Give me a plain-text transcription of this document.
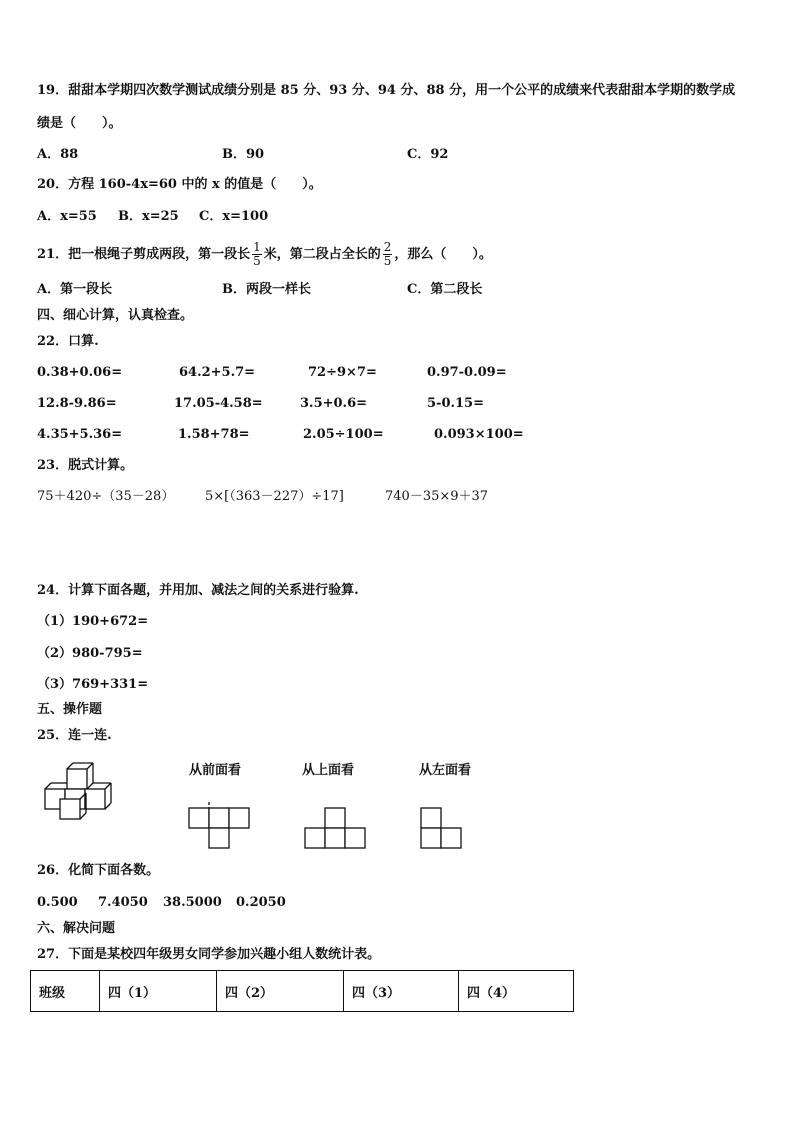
19．甜甜本学期四次数学测试成绩分别是 85 分、93 分、94 分、88 分，用一个公平的成绩来代表甜甜本学期的数学成
绩是（　　）。
A．88	B．90	C．92
20．方程 160-4x=60 中的 x 的值是（　　）。
A．x=55 B．x=25 C．x=100
21．把一根绳子剪成两段，第一段长 $\frac{1}{5}$ 米，第二段占全长的 $\frac{2}{5}$ ，那么（　　）。
A．第一段长	B．两段一样长	C．第二段长
四、细心计算，认真检查。
22．口算.
0.38+0.06=	64.2+5.7=	72÷9×7=	0.97-0.09=
12.8-9.86=	17.05-4.58=	3.5+0.6=	5-0.15=
4.35+5.36=	1.58+78=	2.05÷100=	0.093×100=
23．脱式计算。
75＋420÷（35－28） 5×[（363－227）÷17]	740－35×9＋37
24．计算下面各题，并用加、减法之间的关系进行验算.
（1）190+672=
（2）980-795=
（3）769+331=
五、操作题
25．连一连.
从前面看	从上面看	从左面看
26．化简下面各数。
0.500 7.4050 38.5000 0.2050
六、解决问题
27．下面是某校四年级男女同学参加兴趣小组人数统计表。
班级	四（1）	四（2）	四（3）	四（4）
